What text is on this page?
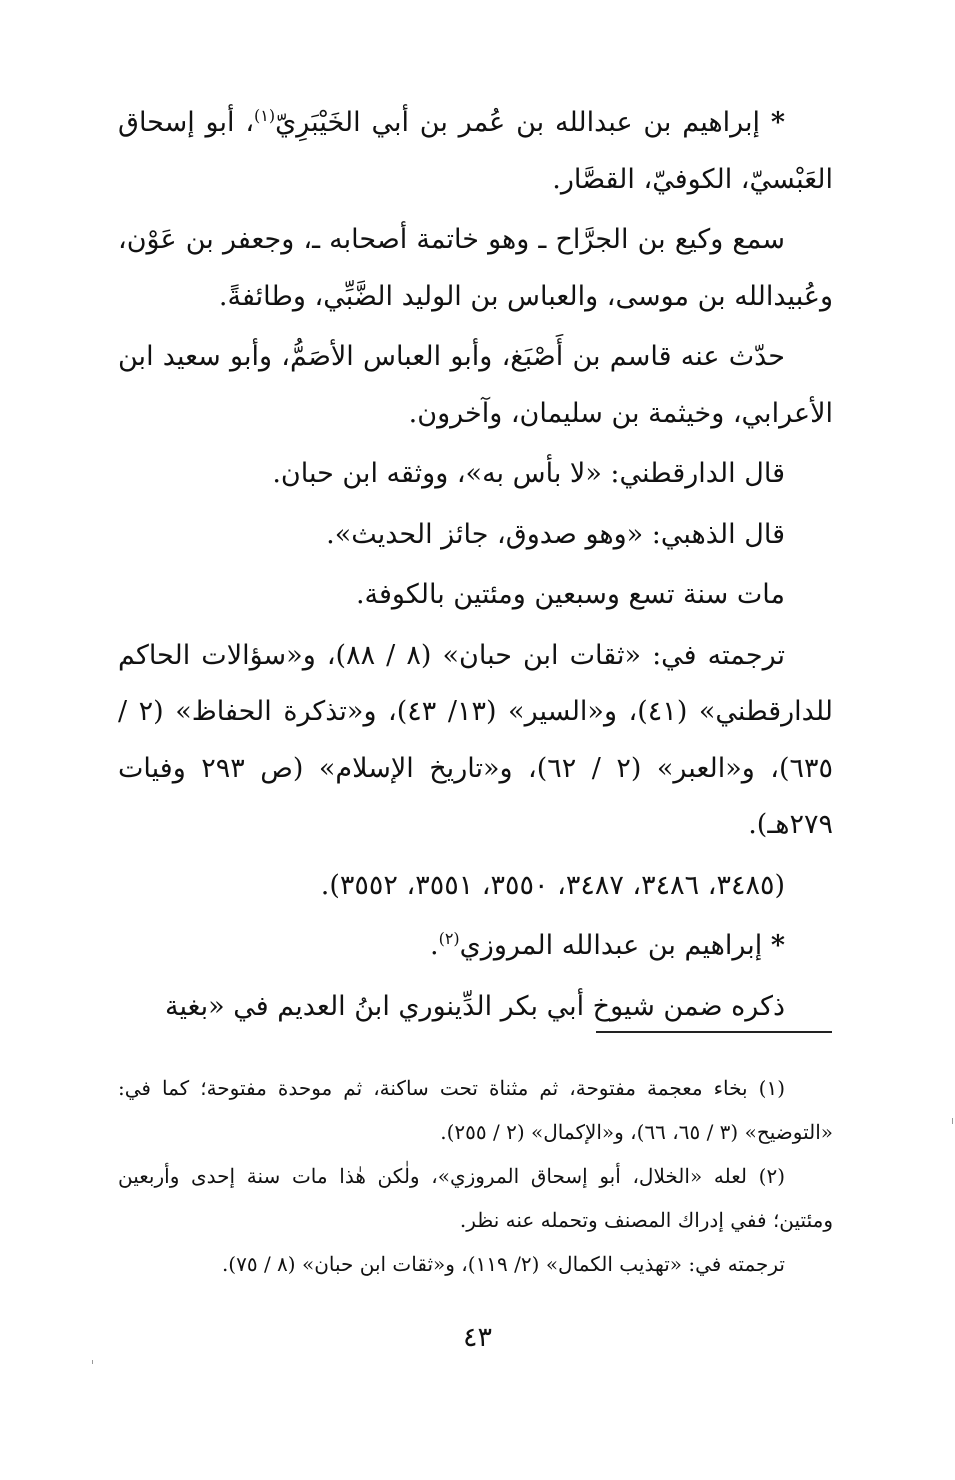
* إبراهيم بن عبدالله بن عُمر بن أبي الخَيْبَرِيّ$^{(١)}$، أبو إسحاق العَبْسيّ، الكوفيّ، القصَّار.

سمع وكيع بن الجرَّاح ـ وهو خاتمة أصحابه ـ، وجعفر بن عَوْن، وعُبيدالله بن موسى، والعباس بن الوليد الضَّبِّي، وطائفةً.

حدّث عنه قاسم بن أَصْبَغ، وأبو العباس الأصَمُّ، وأبو سعيد ابن الأعرابي، وخيثمة بن سليمان، وآخرون.

قال الدارقطني: «لا بأس به»، ووثقه ابن حبان.

قال الذهبي: «وهو صدوق، جائز الحديث».

مات سنة تسع وسبعين ومئتين بالكوفة.

ترجمته في: «ثقات ابن حبان» (٨ / ٨٨)، و«سؤالات الحاكم للدارقطني» (٤١)، و«السير» (١٣/ ٤٣)، و«تذكرة الحفاظ» (٢ / ٦٣٥)، و«العبر» (٢ / ٦٢)، و«تاريخ الإسلام» (ص ٢٩٣ وفيات ٢٧٩هـ).

(٣٤٨٥، ٣٤٨٦، ٣٤٨٧، ٣٥٥٠، ٣٥٥١، ٣٥٥٢).

* إبراهيم بن عبدالله المروزي$^{(٢)}$.

ذكره ضمن شيوخ أبي بكر الدِّينوري ابنُ العديم في «بغية

(١) بخاء معجمة مفتوحة، ثم مثناة تحت ساكنة، ثم موحدة مفتوحة؛ كما في: «التوضيح» (٣ / ٦٥، ٦٦)، و«الإكمال» (٢ / ٢٥٥).

(٢) لعله «الخلال، أبو إسحاق المروزي»، ولٰكن هٰذا مات سنة إحدى وأربعين ومئتين؛ ففي إدراك المصنف وتحمله عنه نظر.

ترجمته في: «تهذيب الكمال» (٢/ ١١٩)، و«ثقات ابن حبان» (٨ / ٧٥).

٤٣
